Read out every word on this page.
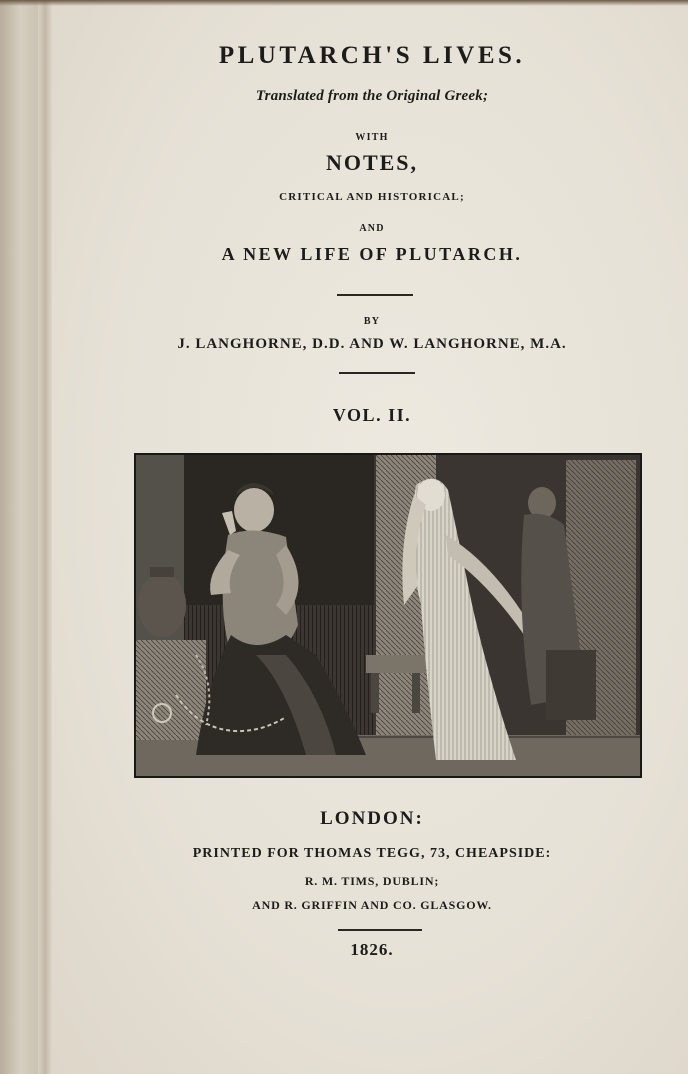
PLUTARCH'S LIVES.
Translated from the Original Greek;
WITH
NOTES,
CRITICAL AND HISTORICAL;
AND
A NEW LIFE OF PLUTARCH.
BY
J. LANGHORNE, D.D. AND W. LANGHORNE, M.A.
VOL. II.
LONDON:
PRINTED FOR THOMAS TEGG, 73, CHEAPSIDE:
R. M. TIMS, DUBLIN;
AND R. GRIFFIN AND CO. GLASGOW.
1826.
